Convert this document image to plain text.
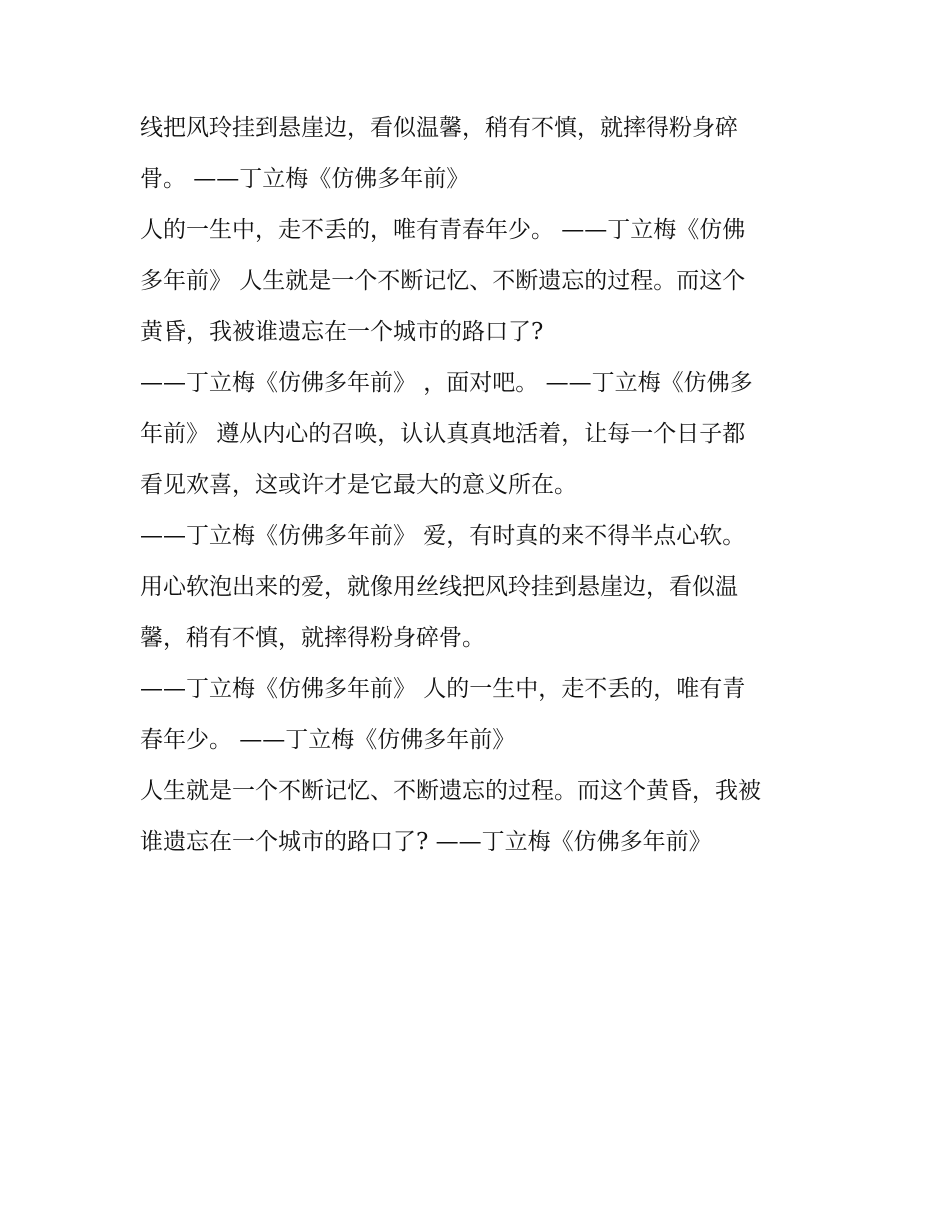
线把风玲挂到悬崖边，看似温馨，稍有不慎，就摔得粉身碎
骨。 ——丁立梅《仿佛多年前》
人的一生中，走不丢的，唯有青春年少。 ——丁立梅《仿佛
多年前》 人生就是一个不断记忆、不断遗忘的过程。而这个
黄昏，我被谁遗忘在一个城市的路口了?
——丁立梅《仿佛多年前》 ，面对吧。 ——丁立梅《仿佛多
年前》 遵从内心的召唤，认认真真地活着，让每一个日子都
看见欢喜，这或许才是它最大的意义所在。
——丁立梅《仿佛多年前》 爱，有时真的来不得半点心软。
用心软泡出来的爱，就像用丝线把风玲挂到悬崖边，看似温
馨，稍有不慎，就摔得粉身碎骨。
——丁立梅《仿佛多年前》 人的一生中，走不丢的，唯有青
春年少。 ——丁立梅《仿佛多年前》
人生就是一个不断记忆、不断遗忘的过程。而这个黄昏，我被
谁遗忘在一个城市的路口了? ——丁立梅《仿佛多年前》
